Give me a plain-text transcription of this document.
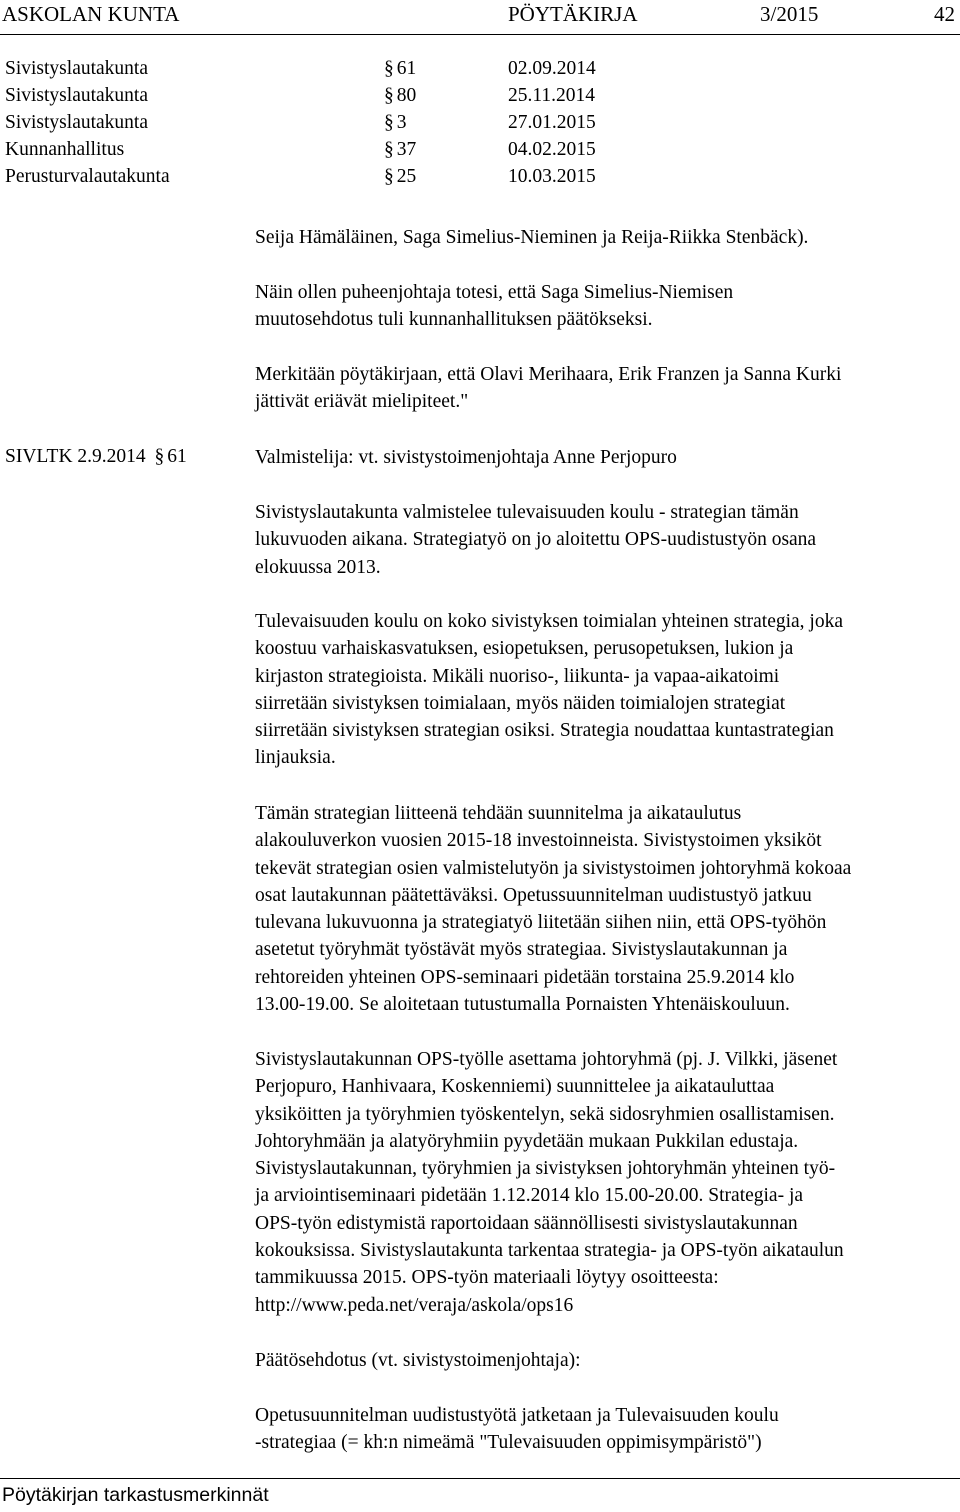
ASKOLAN KUNTA	PÖYTÄKIRJA	3/2015	42
Sivistyslautakunta	§ 61	02.09.2014
Sivistyslautakunta	§ 80	25.11.2014
Sivistyslautakunta	§ 3	27.01.2015
Kunnanhallitus	§ 37	04.02.2015
Perusturvalautakunta	§ 25	10.03.2015
SIVLTK 2.9.2014 § 61
Seija Hämäläinen, Saga Simelius-Nieminen ja Reija-Riikka Stenbäck).
Näin ollen puheenjohtaja totesi, että Saga Simelius-Niemisen
muutosehdotus tuli kunnanhallituksen päätökseksi.
Merkitään pöytäkirjaan, että Olavi Merihaara, Erik Franzen ja Sanna Kurki
jättivät eriävät mielipiteet."
Valmistelija: vt. sivistystoimenjohtaja Anne Perjopuro
Sivistyslautakunta valmistelee tulevaisuuden koulu - strategian tämän
lukuvuoden aikana. Strategiatyö on jo aloitettu OPS-uudistustyön osana
elokuussa 2013.
Tulevaisuuden koulu on koko sivistyksen toimialan yhteinen strategia, joka
koostuu varhaiskasvatuksen, esiopetuksen, perusopetuksen, lukion ja
kirjaston strategioista. Mikäli nuoriso-, liikunta- ja vapaa-aikatoimi
siirretään sivistyksen toimialaan, myös näiden toimialojen strategiat
siirretään sivistyksen strategian osiksi. Strategia noudattaa kuntastrategian
linjauksia.
Tämän strategian liitteenä tehdään suunnitelma ja aikataulutus
alakouluverkon vuosien 2015-18 investoinneista. Sivistystoimen yksiköt
tekevät strategian osien valmistelutyön ja sivistystoimen johtoryhmä kokoaa
osat lautakunnan päätettäväksi. Opetussuunnitelman uudistustyö jatkuu
tulevana lukuvuonna ja strategiatyö liitetään siihen niin, että OPS-työhön
asetetut työryhmät työstävät myös strategiaa. Sivistyslautakunnan ja
rehtoreiden yhteinen OPS-seminaari pidetään torstaina 25.9.2014 klo
13.00-19.00. Se aloitetaan tutustumalla Pornaisten Yhtenäiskouluun.
Sivistyslautakunnan OPS-työlle asettama johtoryhmä (pj. J. Vilkki, jäsenet
Perjopuro, Hanhivaara, Koskenniemi) suunnittelee ja aikatauluttaa
yksiköitten ja työryhmien työskentelyn, sekä sidosryhmien osallistamisen.
Johtoryhmään ja alatyöryhmiin pyydetään mukaan Pukkilan edustaja.
Sivistyslautakunnan, työryhmien ja sivistyksen johtoryhmän yhteinen työ-
ja arviointiseminaari pidetään 1.12.2014 klo 15.00-20.00. Strategia- ja
OPS-työn edistymistä raportoidaan säännöllisesti sivistyslautakunnan
kokouksissa. Sivistyslautakunta tarkentaa strategia- ja OPS-työn aikataulun
tammikuussa 2015. OPS-työn materiaali löytyy osoitteesta:
http://www.peda.net/veraja/askola/ops16
Päätösehdotus (vt. sivistystoimenjohtaja):
Opetusuunnitelman uudistustyötä jatketaan ja Tulevaisuuden koulu
-strategiaa (= kh:n nimeämä "Tulevaisuuden oppimisympäristö")
Pöytäkirjan tarkastusmerkinnät
